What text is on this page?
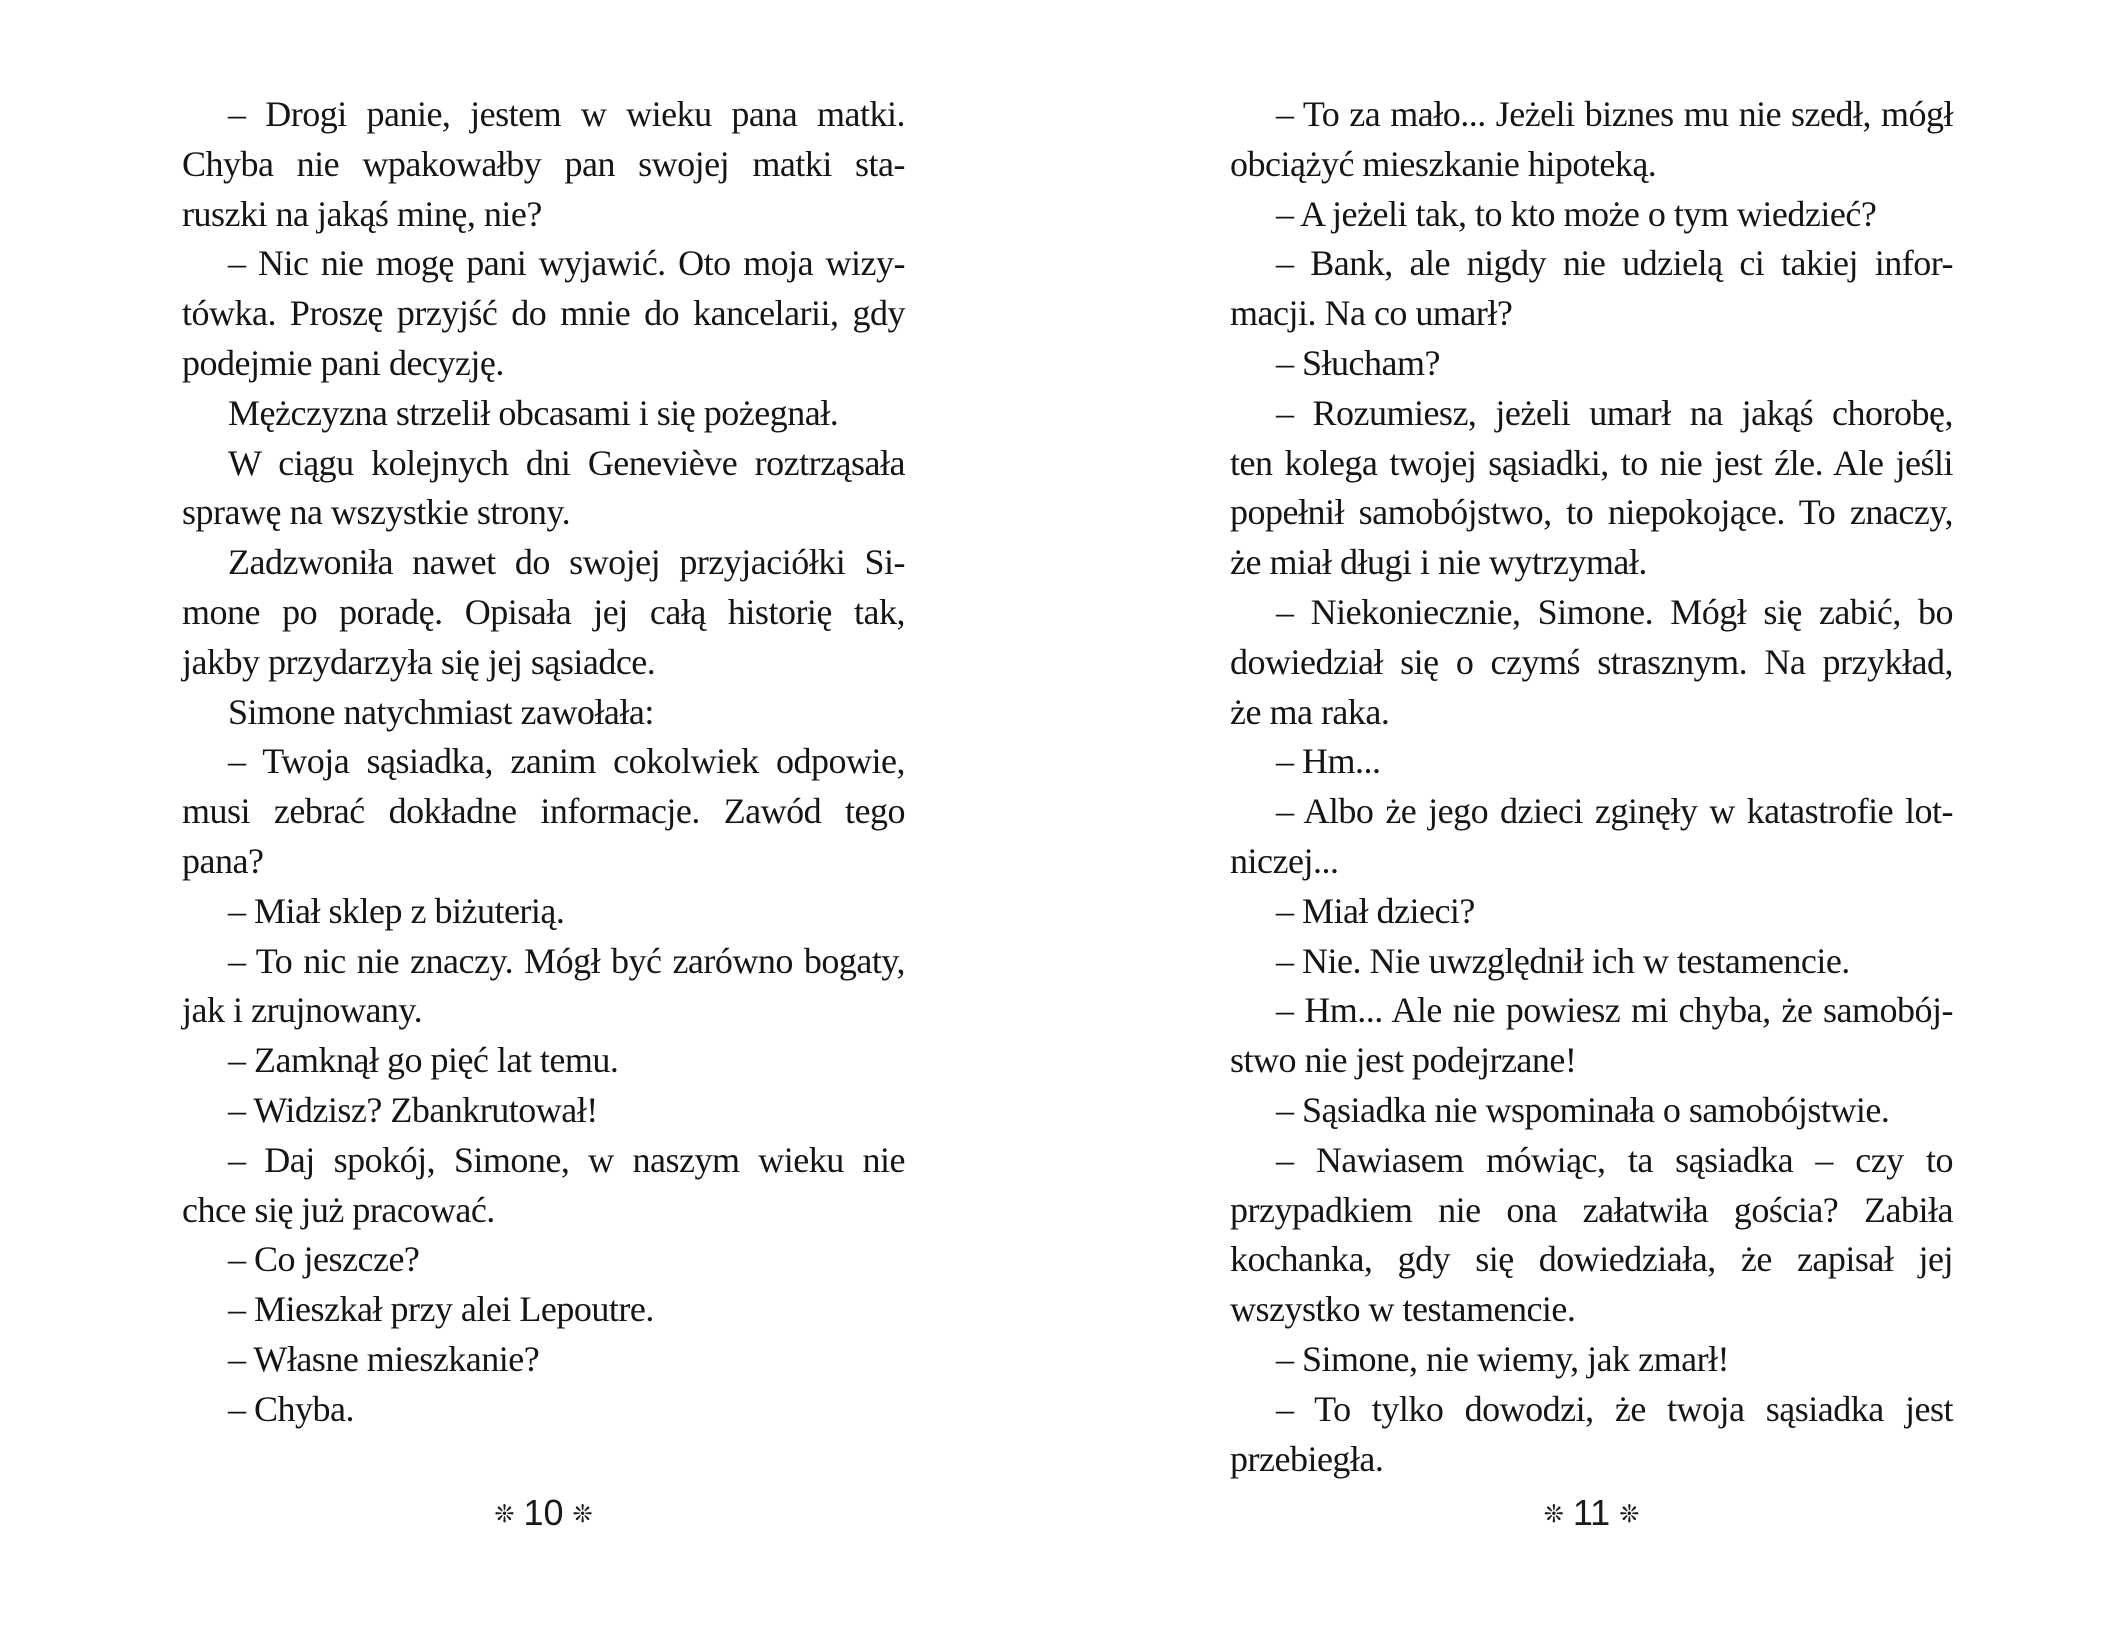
– Drogi panie, jestem w wieku pana matki.
Chyba nie wpakowałby pan swojej matki sta-
ruszki na jakąś minę, nie?
– Nic nie mogę pani wyjawić. Oto moja wizy-
tówka. Proszę przyjść do mnie do kancelarii, gdy
podejmie pani decyzję.
Mężczyzna strzelił obcasami i się pożegnał.
W ciągu kolejnych dni Geneviève roztrząsała
sprawę na wszystkie strony.
Zadzwoniła nawet do swojej przyjaciółki Si-
mone po poradę. Opisała jej całą historię tak,
jakby przydarzyła się jej sąsiadce.
Simone natychmiast zawołała:
– Twoja sąsiadka, zanim cokolwiek odpowie,
musi zebrać dokładne informacje. Zawód tego
pana?
– Miał sklep z biżuterią.
– To nic nie znaczy. Mógł być zarówno bogaty,
jak i zrujnowany.
– Zamknął go pięć lat temu.
– Widzisz? Zbankrutował!
– Daj spokój, Simone, w naszym wieku nie
chce się już pracować.
– Co jeszcze?
– Mieszkał przy alei Lepoutre.
– Własne mieszkanie?
– Chyba.
– To za mało... Jeżeli biznes mu nie szedł, mógł
obciążyć mieszkanie hipoteką.
– A jeżeli tak, to kto może o tym wiedzieć?
– Bank, ale nigdy nie udzielą ci takiej infor-
macji. Na co umarł?
– Słucham?
– Rozumiesz, jeżeli umarł na jakąś chorobę,
ten kolega twojej sąsiadki, to nie jest źle. Ale jeśli
popełnił samobójstwo, to niepokojące. To znaczy,
że miał długi i nie wytrzymał.
– Niekoniecznie, Simone. Mógł się zabić, bo
dowiedział się o czymś strasznym. Na przykład,
że ma raka.
– Hm...
– Albo że jego dzieci zginęły w katastrofie lot-
niczej...
– Miał dzieci?
– Nie. Nie uwzględnił ich w testamencie.
– Hm... Ale nie powiesz mi chyba, że samobój-
stwo nie jest podejrzane!
– Sąsiadka nie wspominała o samobójstwie.
– Nawiasem mówiąc, ta sąsiadka – czy to
przypadkiem nie ona załatwiła gościa? Zabiła
kochanka, gdy się dowiedziała, że zapisał jej
wszystko w testamencie.
– Simone, nie wiemy, jak zmarł!
– To tylko dowodzi, że twoja sąsiadka jest
przebiegła.
❊ 10 ❊	❊ 11 ❊
